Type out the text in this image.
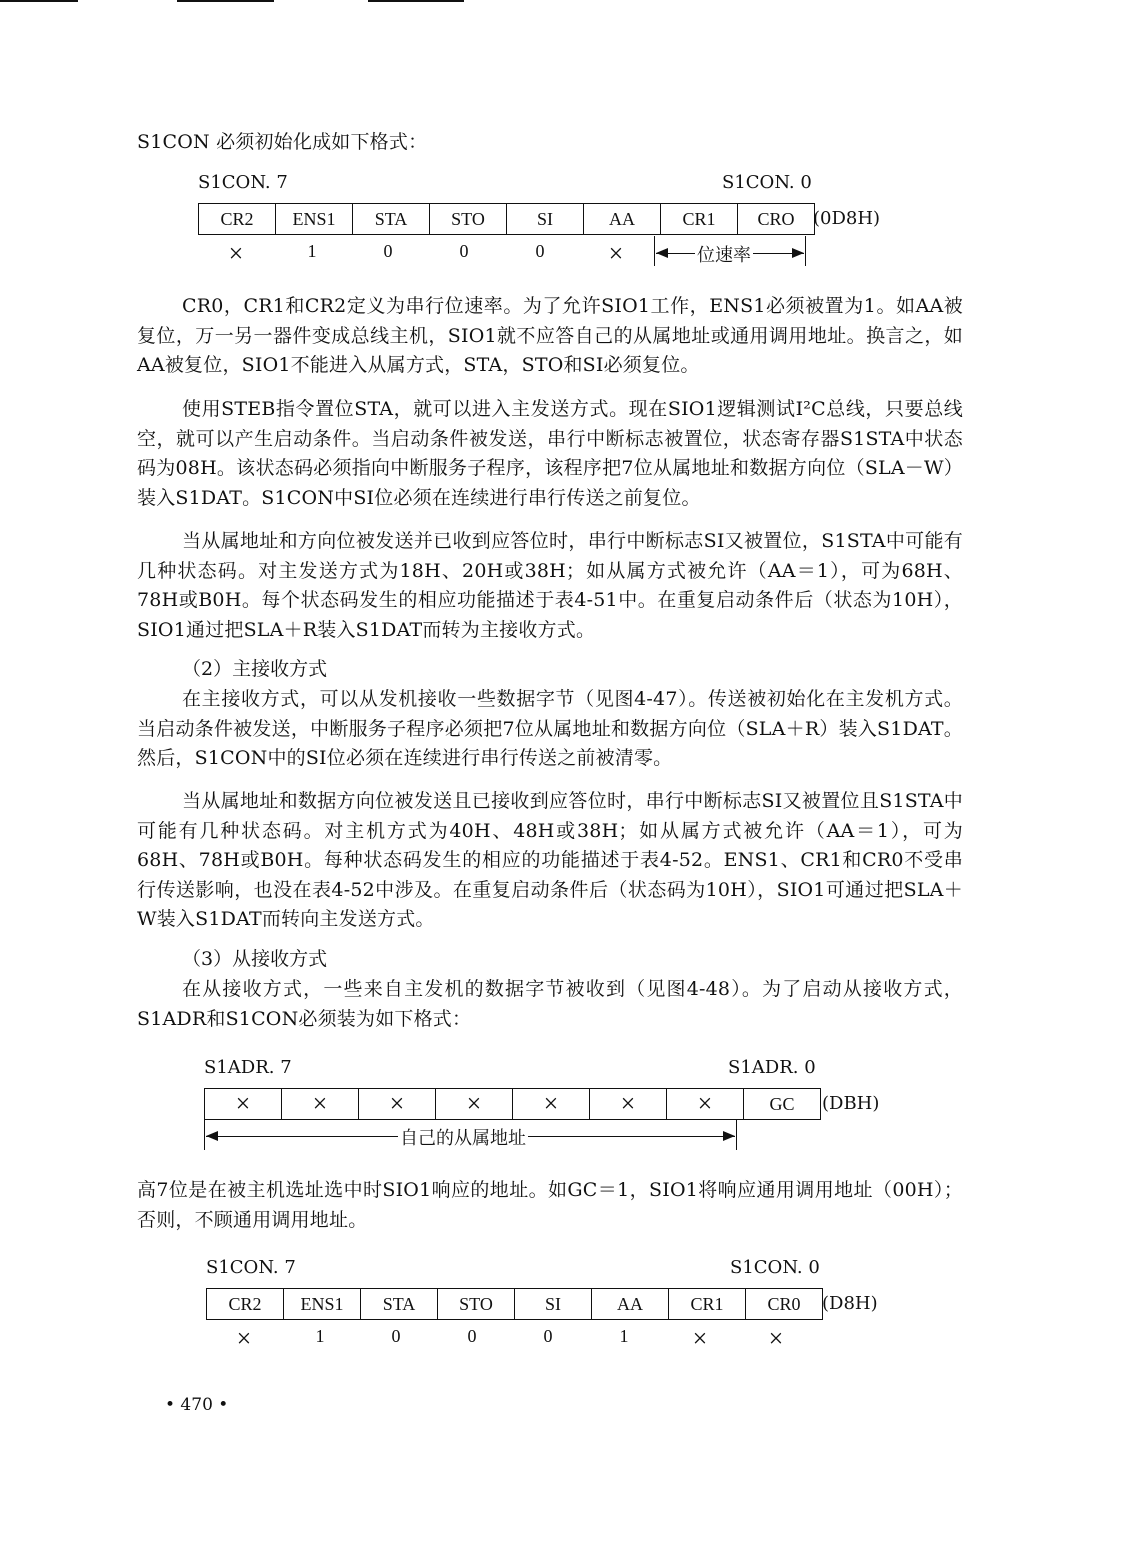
S1CON 必须初始化成如下格式：
S1CON. 7	S1CON. 0
CR2	ENS1	STA	STO	SI	AA	CR1	CRO (0D8H)
×	1	0	0	0	×	位速率
CR0，CR1和CR2定义为串行位速率。为了允许SIO1工作，ENS1必须被置为1。如AA被复位，万一另一器件变成总线主机，SIO1就不应答自己的从属地址或通用调用地址。换言之，如AA被复位，SIO1不能进入从属方式，STA，STO和SI必须复位。
使用STEB指令置位STA，就可以进入主发送方式。现在SIO1逻辑测试I²C总线，只要总线空，就可以产生启动条件。当启动条件被发送，串行中断标志被置位，状态寄存器S1STA中状态码为08H。该状态码必须指向中断服务子程序，该程序把7位从属地址和数据方向位（SLA－W）装入S1DAT。S1CON中SI位必须在连续进行串行传送之前复位。
当从属地址和方向位被发送并已收到应答位时，串行中断标志SI又被置位，S1STA中可能有几种状态码。对主发送方式为18H、20H或38H；如从属方式被允许（AA＝1），可为68H、78H或B0H。每个状态码发生的相应功能描述于表4-51中。在重复启动条件后（状态为10H），SIO1通过把SLA＋R装入S1DAT而转为主接收方式。
（2）主接收方式
在主接收方式，可以从发机接收一些数据字节（见图4-47）。传送被初始化在主发机方式。当启动条件被发送，中断服务子程序必须把7位从属地址和数据方向位（SLA＋R）装入S1DAT。然后，S1CON中的SI位必须在连续进行串行传送之前被清零。
当从属地址和数据方向位被发送且已接收到应答位时，串行中断标志SI又被置位且S1STA中可能有几种状态码。对主机方式为40H、48H或38H；如从属方式被允许（AA＝1），可为68H、78H或B0H。每种状态码发生的相应的功能描述于表4-52。ENS1、CR1和CR0不受串行传送影响，也没在表4-52中涉及。在重复启动条件后（状态码为10H），SIO1可通过把SLA＋W装入S1DAT而转向主发送方式。
（3）从接收方式
在从接收方式，一些来自主发机的数据字节被收到（见图4-48）。为了启动从接收方式，S1ADR和S1CON必须装为如下格式：
S1ADR. 7	S1ADR. 0
×	×	×	×	×	×	×	GC (DBH)
自己的从属地址
高7位是在被主机选址选中时SIO1响应的地址。如GC＝1，SIO1将响应通用调用地址（00H）；否则，不顾通用调用地址。
S1CON. 7	S1CON. 0
CR2	ENS1	STA	STO	SI	AA	CR1	CR0 (D8H)
×	1	0	0	0	1	×	×
• 470 •
